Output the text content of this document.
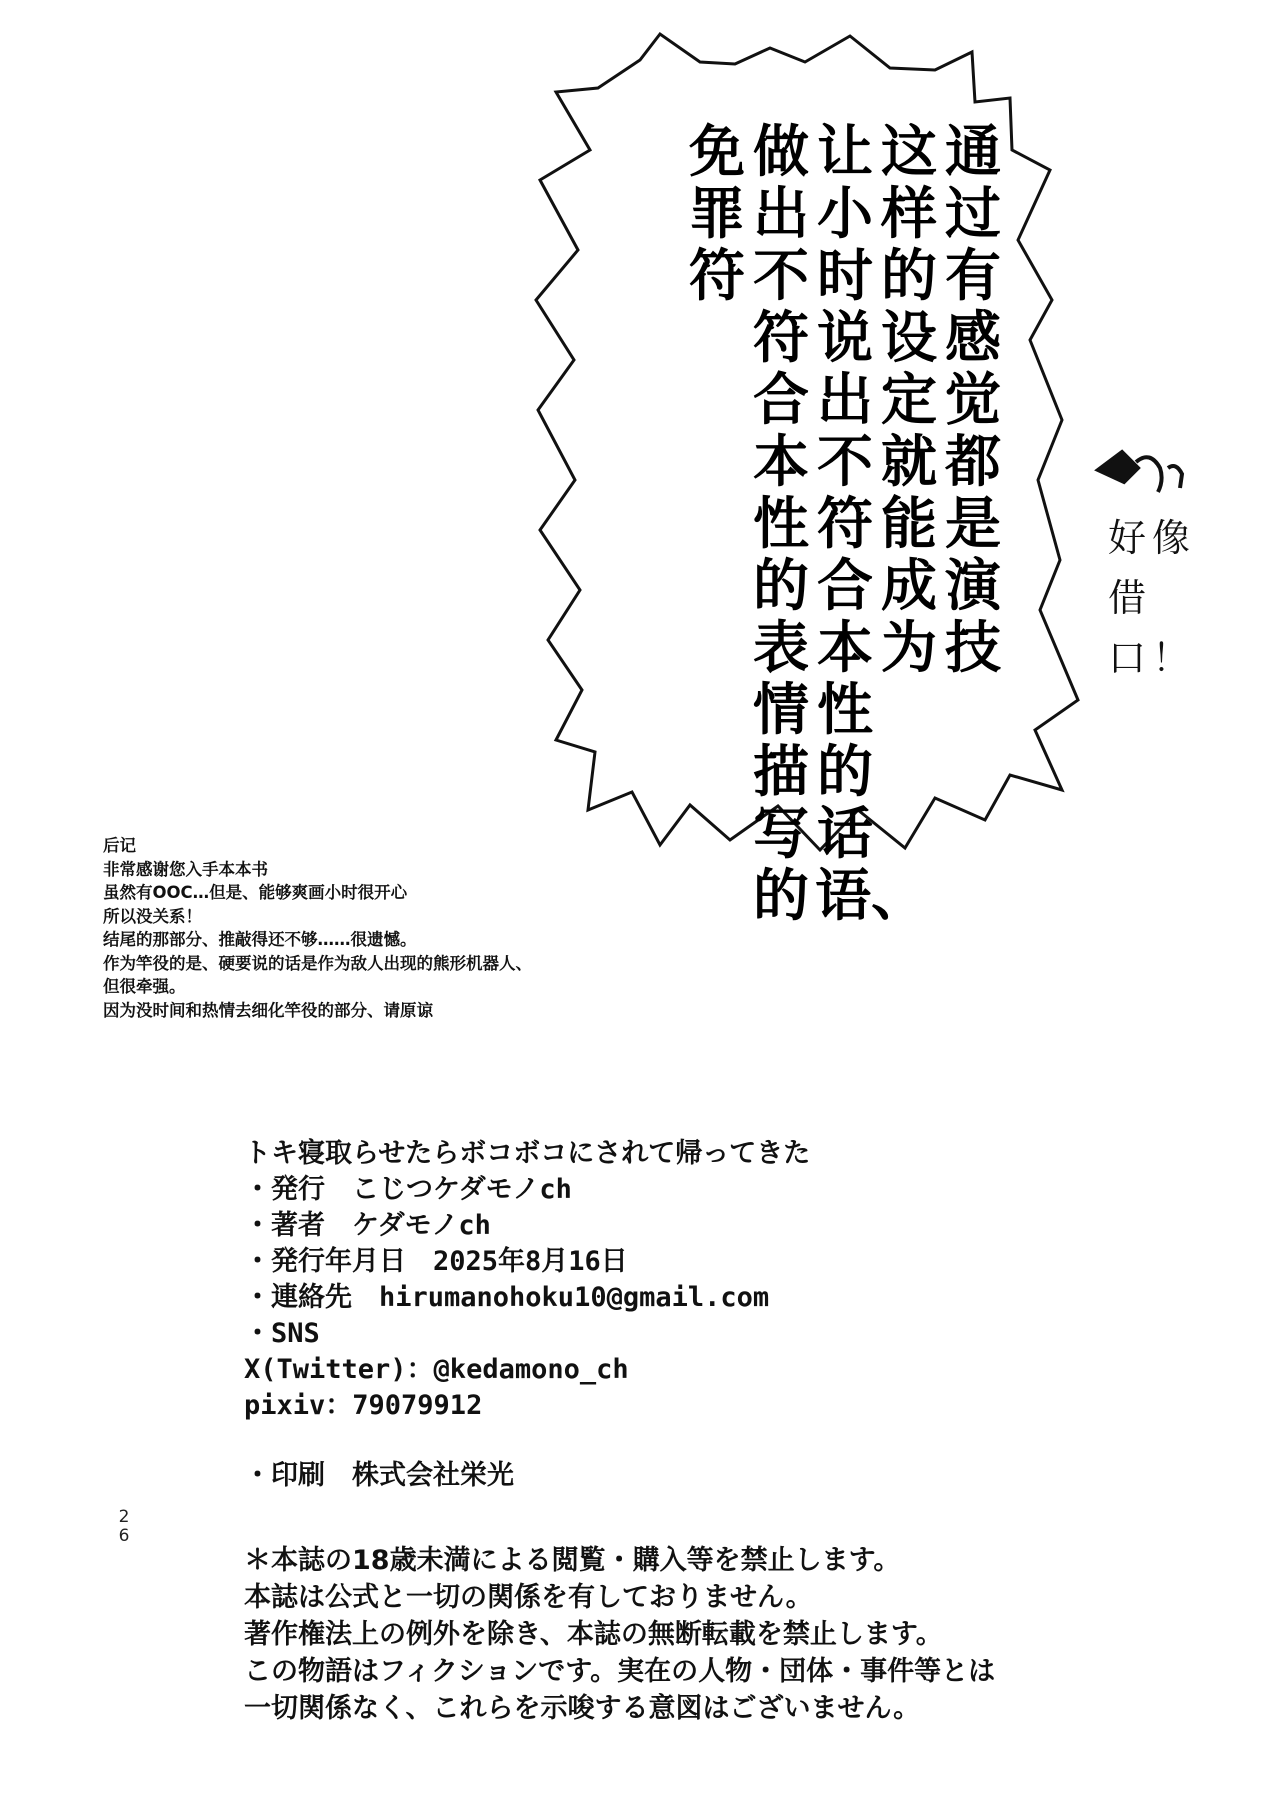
通过有感觉都是演技
这样的设定就能成为
让小时说出不符合本性的话语、
做出不符合本性的表情描写的
免罪符
好像
借口！
后记
非常感谢您入手本本书
虽然有OOC…但是、能够爽画小时很开心
所以没关系！
结尾的那部分、推敲得还不够……很遗憾。
作为竿役的是、硬要说的话是作为敌人出现的熊形机器人、
但很牵强。
因为没时间和热情去细化竿役的部分、请原谅
トキ寝取らせたらボコボコにされて帰ってきた
・発行　こじつケダモノch
・著者　ケダモノch
・発行年月日　2025年8月16日
・連絡先　hirumanohoku10@gmail.com
・SNS
X(Twitter)：@kedamono_ch
pixiv：79079912
・印刷　株式会社栄光
26
＊本誌の18歳未満による閲覧・購入等を禁止します。
本誌は公式と一切の関係を有しておりません。
著作権法上の例外を除き、本誌の無断転載を禁止します。
この物語はフィクションです。実在の人物・団体・事件等とは
一切関係なく、これらを示唆する意図はございません。
